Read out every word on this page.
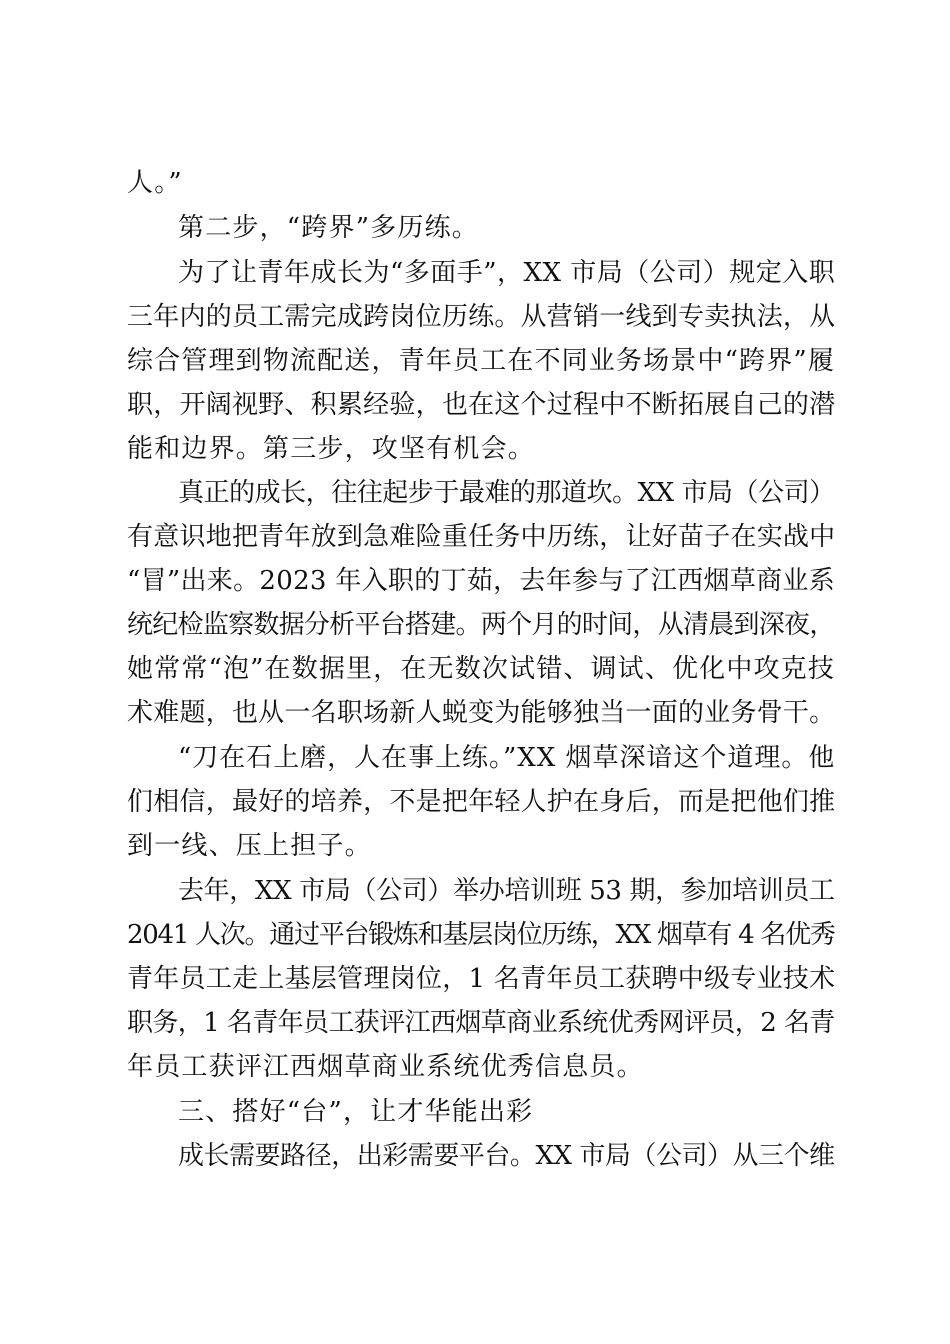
人。”
第二步，“跨界”多历练。
为了让青年成长为“多面手”，XX 市局（公司）规定入职
三年内的员工需完成跨岗位历练。从营销一线到专卖执法，从
综合管理到物流配送，青年员工在不同业务场景中“跨界”履
职，开阔视野、积累经验，也在这个过程中不断拓展自己的潜
能和边界。第三步，攻坚有机会。
真正的成长，往往起步于最难的那道坎。XX 市局（公司）
有意识地把青年放到急难险重任务中历练，让好苗子在实战中
“冒”出来。2023 年入职的丁茹，去年参与了江西烟草商业系
统纪检监察数据分析平台搭建。两个月的时间，从清晨到深夜，
她常常“泡”在数据里，在无数次试错、调试、优化中攻克技
术难题，也从一名职场新人蜕变为能够独当一面的业务骨干。
“刀在石上磨，人在事上练。”XX 烟草深谙这个道理。他
们相信，最好的培养，不是把年轻人护在身后，而是把他们推
到一线、压上担子。
去年，XX 市局（公司）举办培训班 53 期，参加培训员工
2041 人次。通过平台锻炼和基层岗位历练，XX 烟草有 4 名优秀
青年员工走上基层管理岗位，1 名青年员工获聘中级专业技术
职务，1 名青年员工获评江西烟草商业系统优秀网评员，2 名青
年员工获评江西烟草商业系统优秀信息员。
三、搭好“台”，让才华能出彩
成长需要路径，出彩需要平台。XX 市局（公司）从三个维
